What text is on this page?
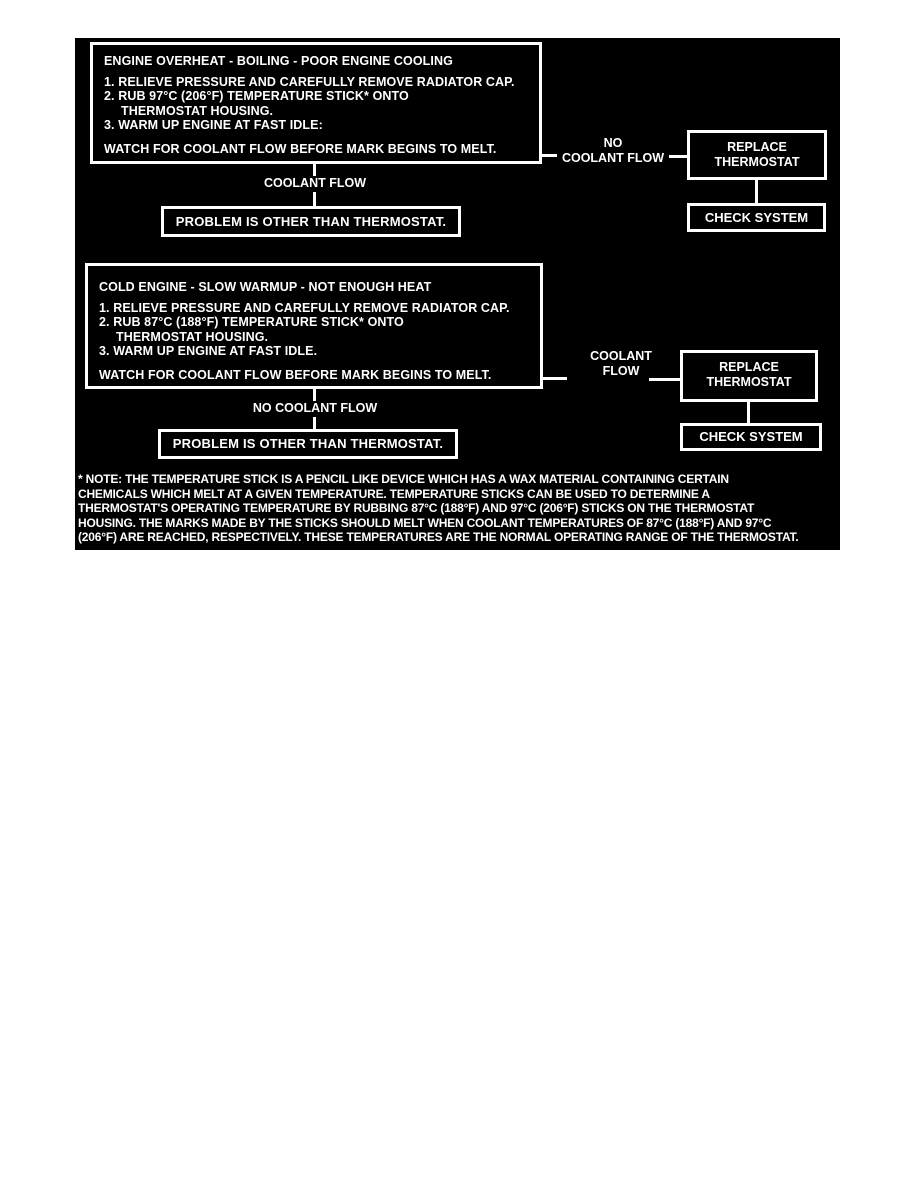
ENGINE OVERHEAT - BOILING - POOR ENGINE COOLING
1. RELIEVE PRESSURE AND CAREFULLY REMOVE RADIATOR CAP.
2. RUB 97°C (206°F) TEMPERATURE STICK* ONTO
THERMOSTAT HOUSING.
3. WARM UP ENGINE AT FAST IDLE:
WATCH FOR COOLANT FLOW BEFORE MARK BEGINS TO MELT.	NO
COOLANT FLOW
REPLACE
THERMOSTAT
CHECK SYSTEM
COOLANT FLOW
PROBLEM IS OTHER THAN THERMOSTAT.
COLD ENGINE - SLOW WARMUP - NOT ENOUGH HEAT
1. RELIEVE PRESSURE AND CAREFULLY REMOVE RADIATOR CAP.
2. RUB 87°C (188°F) TEMPERATURE STICK* ONTO
THERMOSTAT HOUSING.
3. WARM UP ENGINE AT FAST IDLE.
WATCH FOR COOLANT FLOW BEFORE MARK BEGINS TO MELT.
COOLANT
FLOW	REPLACE
THERMOSTAT
CHECK SYSTEM
NO COOLANT FLOW
PROBLEM IS OTHER THAN THERMOSTAT.
* NOTE: THE TEMPERATURE STICK IS A PENCIL LIKE DEVICE WHICH HAS A WAX MATERIAL CONTAINING CERTAIN
CHEMICALS WHICH MELT AT A GIVEN TEMPERATURE. TEMPERATURE STICKS CAN BE USED TO DETERMINE A
THERMOSTAT'S OPERATING TEMPERATURE BY RUBBING 87°C (188°F) AND 97°C (206°F) STICKS ON THE THERMOSTAT
HOUSING. THE MARKS MADE BY THE STICKS SHOULD MELT WHEN COOLANT TEMPERATURES OF 87°C (188°F) AND 97°C
(206°F) ARE REACHED, RESPECTIVELY. THESE TEMPERATURES ARE THE NORMAL OPERATING RANGE OF THE THERMOSTAT.
